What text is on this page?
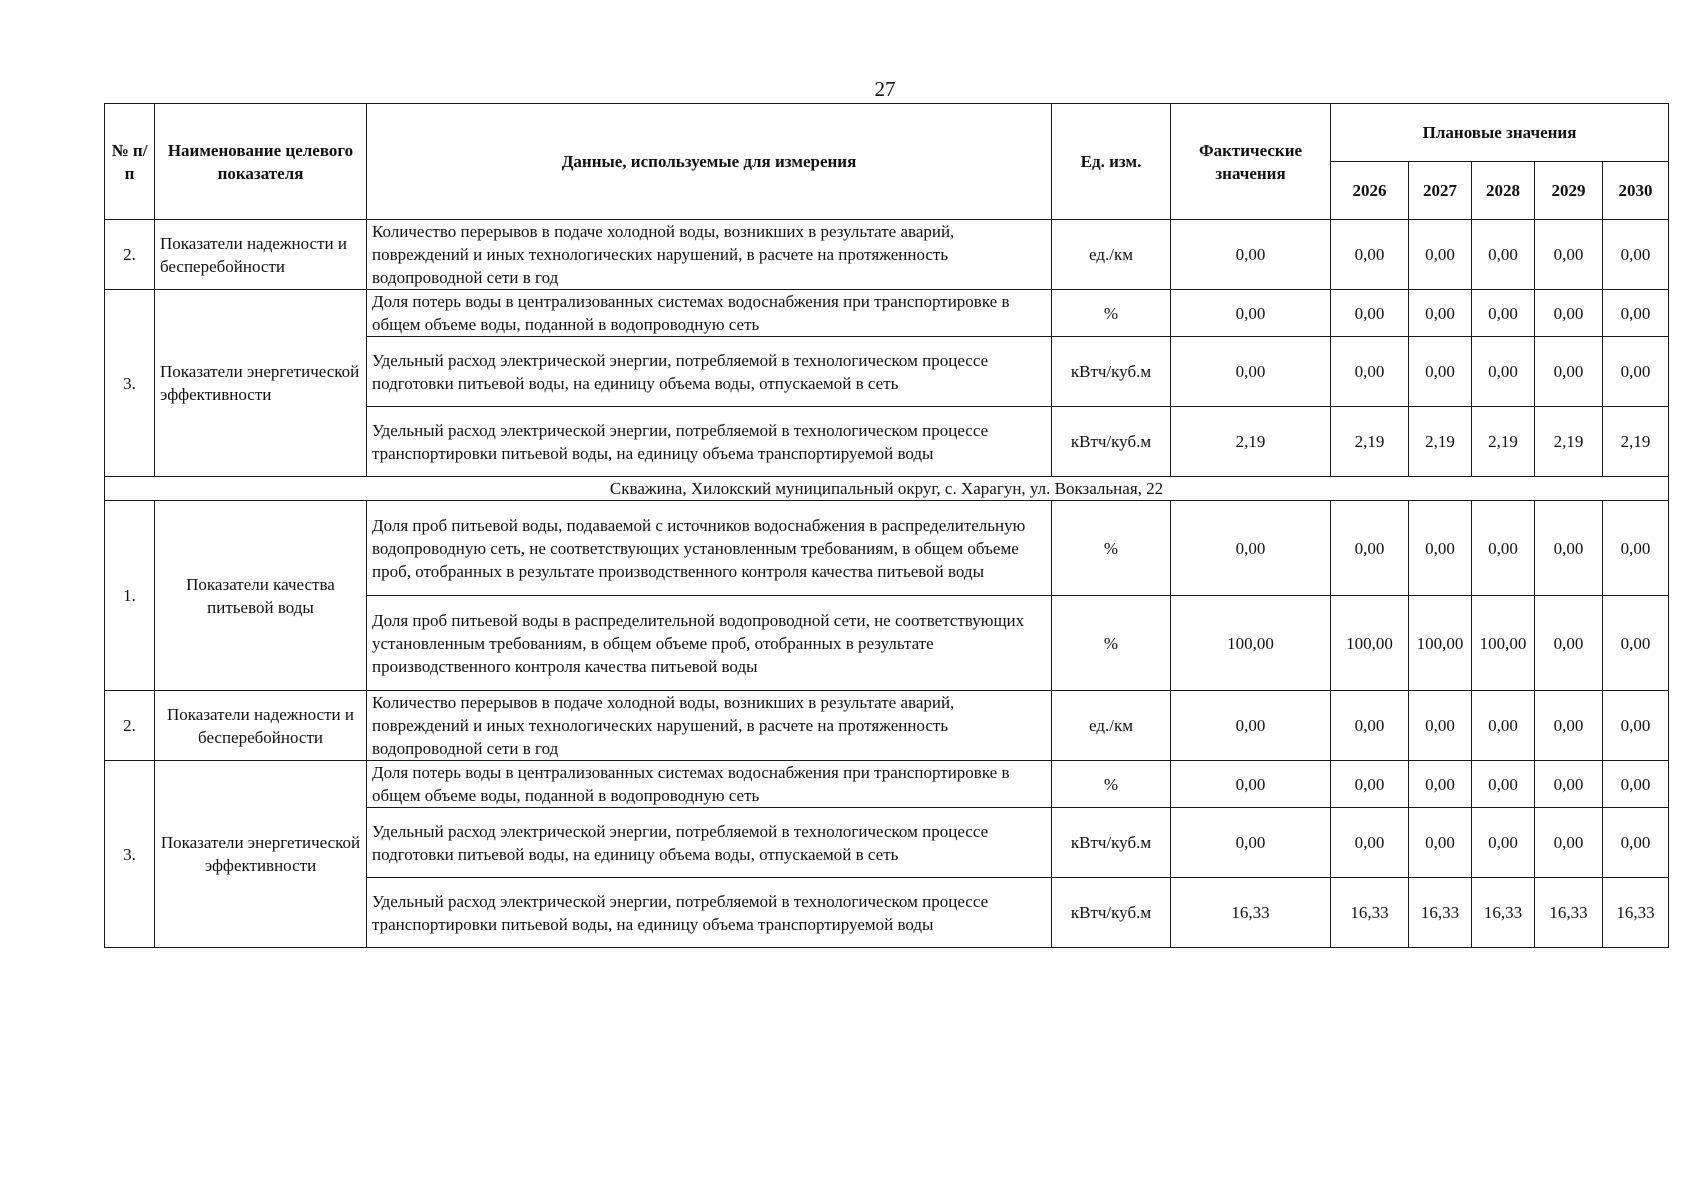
27
№ п/п	Наименование целевого показателя	Данные, используемые для измерения	Ед. изм.	Фактические значения	Плановые значения				
					2026	2027	2028	2029	2030
2.	Показатели надежности и бесперебойности	Количество перерывов в подаче холодной воды, возникших в результате аварий, повреждений и иных технологических нарушений, в расчете на протяженность водопроводной сети в год	ед./км	0,00	0,00	0,00	0,00	0,00	0,00
3.	Показатели энергетической эффективности	Доля потерь воды в централизованных системах водоснабжения при транспортировке в общем объеме воды, поданной в водопроводную сеть	%	0,00	0,00	0,00	0,00	0,00	0,00
		Удельный расход электрической энергии, потребляемой в технологическом процессе подготовки питьевой воды, на единицу объема воды, отпускаемой в сеть	кВтч/куб.м	0,00	0,00	0,00	0,00	0,00	0,00
		Удельный расход электрической энергии, потребляемой в технологическом процессе транспортировки питьевой воды, на единицу объема транспортируемой воды	кВтч/куб.м	2,19	2,19	2,19	2,19	2,19	2,19
Скважина, Хилокский муниципальный округ, с. Харагун, ул. Вокзальная, 22									
1.	Показатели качества питьевой воды	Доля проб питьевой воды, подаваемой с источников водоснабжения в распределительную водопроводную сеть, не соответствующих установленным требованиям, в общем объеме проб, отобранных в результате производственного контроля качества питьевой воды	%	0,00	0,00	0,00	0,00	0,00	0,00
		Доля проб питьевой воды в распределительной водопроводной сети, не соответствующих установленным требованиям, в общем объеме проб, отобранных в результате производственного контроля качества питьевой воды	%	100,00	100,00	100,00	100,00	0,00	0,00
2.	Показатели надежности и бесперебойности	Количество перерывов в подаче холодной воды, возникших в результате аварий, повреждений и иных технологических нарушений, в расчете на протяженность водопроводной сети в год	ед./км	0,00	0,00	0,00	0,00	0,00	0,00
3.	Показатели энергетической эффективности	Доля потерь воды в централизованных системах водоснабжения при транспортировке в общем объеме воды, поданной в водопроводную сеть	%	0,00	0,00	0,00	0,00	0,00	0,00
		Удельный расход электрической энергии, потребляемой в технологическом процессе подготовки питьевой воды, на единицу объема воды, отпускаемой в сеть	кВтч/куб.м	0,00	0,00	0,00	0,00	0,00	0,00
		Удельный расход электрической энергии, потребляемой в технологическом процессе транспортировки питьевой воды, на единицу объема транспортируемой воды	кВтч/куб.м	16,33	16,33	16,33	16,33	16,33	16,33
